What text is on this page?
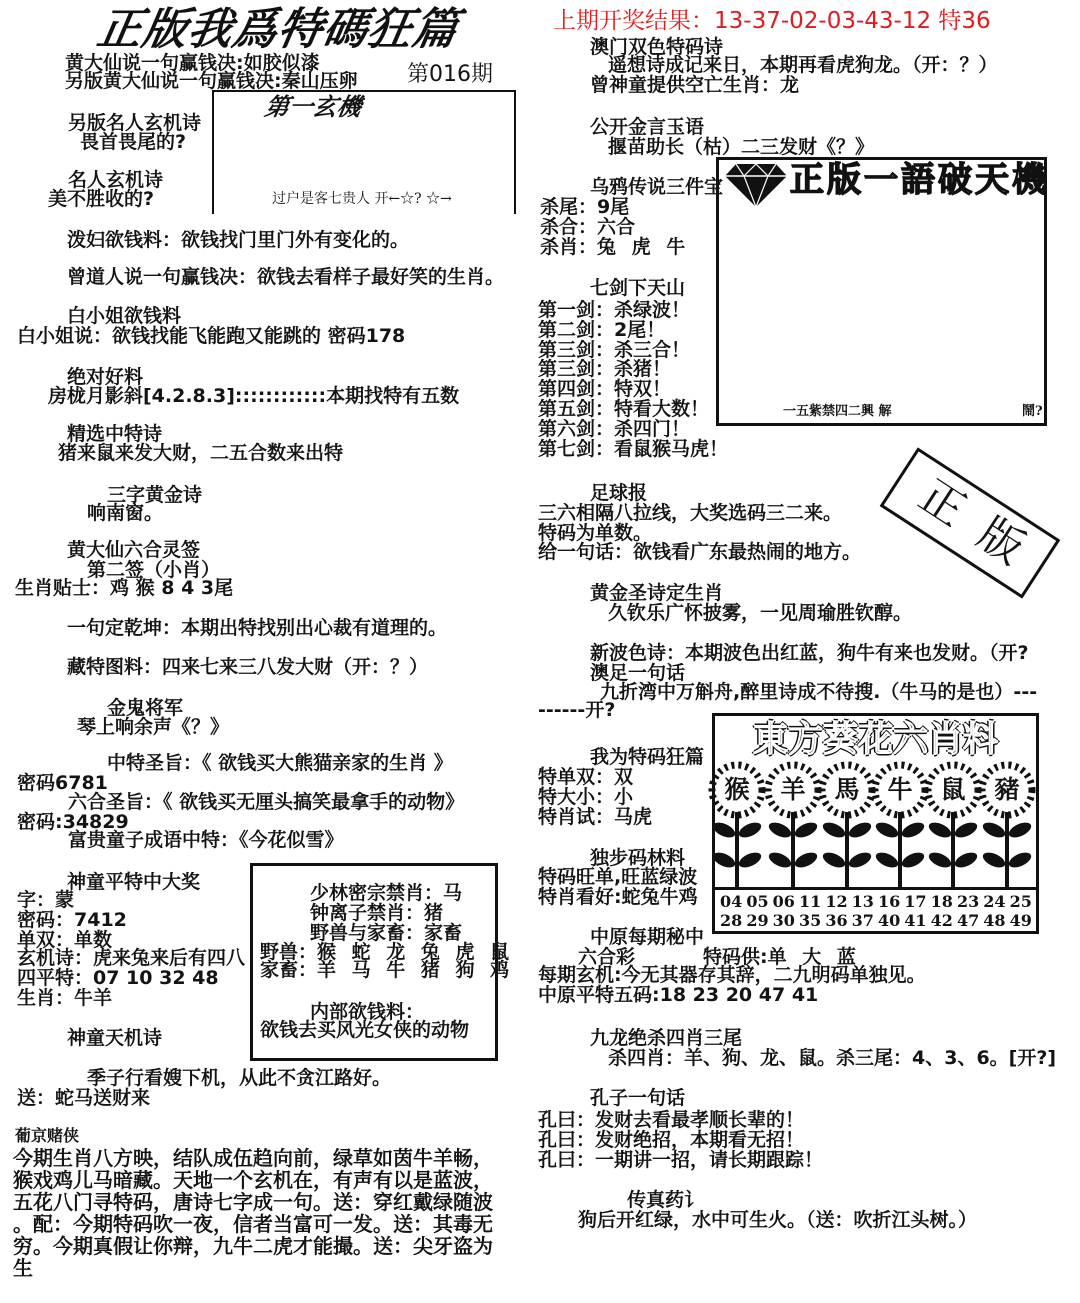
正版我爲特碼狂篇
第016期
上期开奖结果：13-37-02-03-43-12 特36
黄大仙说一句赢钱决:如胶似漆
另版黄大仙说一句赢钱决:秦山压卵
第一玄機
过户是客七贵人 开←☆? ☆→
另版名人玄机诗
畏首畏尾的?
名人玄机诗
美不胜收的?
泼妇欲钱料：欲钱找门里门外有变化的。
曾道人说一句赢钱决：欲钱去看样子最好笑的生肖。
白小姐欲钱料
白小姐说：欲钱找能飞能跑又能跳的 密码178
绝对好料
房栊月影斜[4.2.8.3]::::::::::::本期找特有五数
精选中特诗
猪来鼠来发大财，二五合数来出特
三字黄金诗
响南窗。
黄大仙六合灵签
第二签（小肖）
生肖贴士：鸡 猴 8 4 3尾
一句定乾坤：本期出特找别出心裁有道理的。
藏特图料：四来七来三八发大财（开：？）
金鬼将军
琴上响余声《？》
中特圣旨：《 欲钱买大熊猫亲家的生肖 》
密码6781
六合圣旨：《 欲钱买无厘头搞笑最拿手的动物》
密码:34829
富贵童子成语中特：《今花似雪》
神童平特中大奖
字：蒙
密码：7412
单双：单数
玄机诗：虎来兔来后有四八
四平特：07 10 32 48
生肖：牛羊
神童天机诗
季子行看嫂下机，从此不贪江路好。
送：蛇马送财来
葡京赌侠
今期生肖八方映，结队成伍趋向前，绿草如茵牛羊畅，
猴戏鸡儿马暗藏。天地一个玄机在，有声有以是蓝波，
五花八门寻特码，唐诗七字成一句。送：穿红戴绿随波
。配：今期特码吹一夜，信者当富可一发。送：其毒无
穷。今期真假让你辩，九牛二虎才能撮。送：尖牙盗为
生
少林密宗禁肖：马
钟离子禁肖：猪
野兽与家畜：家畜
野兽：猴 蛇 龙 兔 虎 鼠
家畜：羊 马 牛 猪 狗 鸡
内部欲钱料：
欲钱去买风光女侠的动物
澳门双色特码诗
遥想诗成记来日，本期再看虎狗龙。（开：？）
曾神童提供空亡生肖：龙
公开金言玉语
揠苗助长（枯）二三发财《？》
乌鸦传说三件宝
杀尾：9尾
杀合：六合
杀肖：兔 虎 牛
七剑下天山
第一剑：杀绿波！
第二剑：2尾！
第三剑：杀三合！
第三剑：杀猪！
第四剑：特双！
第五剑：特看大数！
第六剑：杀四门！
第七剑：看鼠猴马虎！
正版一語破天機
一五紫禁四二興 解	鬧?
正版
足球报
三六相隔八拉线，大奖选码三二来。
特码为单数。
给一句话：欲钱看广东最热闹的地方。
黄金圣诗定生肖
久钦乐广怀披雾，一见周瑜胜钦醇。
新波色诗：本期波色出红蓝，狗牛有来也发财。（开?
澳足一句话
九折湾中万斛舟,醉里诗成不待搜.（牛马的是也）---
------开?
我为特码狂篇
特单双：双
特大小：小
特肖试：马虎
独步码林料
特码旺单,旺蓝绿波
特肖看好:蛇兔牛鸡
東方葵花六肖料
猴	羊	馬	牛	鼠	豬
04 05 06 11 12 13 16 17 18 23 24 25
28 29 30 35 36 37 40 41 42 47 48 49
中原每期秘中
六合彩	特码供:单 大 蓝
每期玄机:今无其器存其辞，二九明码单独见。
中原平特五码:18 23 20 47 41
九龙绝杀四肖三尾
杀四肖：羊、狗、龙、鼠。杀三尾：4、3、6。[开?]
孔子一句话
孔曰：发财去看最孝顺长辈的！
孔曰：发财绝招，本期看无招！
孔曰：一期讲一招，请长期跟踪！
传真药讠
狗后开红绿，水中可生火。（送：吹折江头树。）
